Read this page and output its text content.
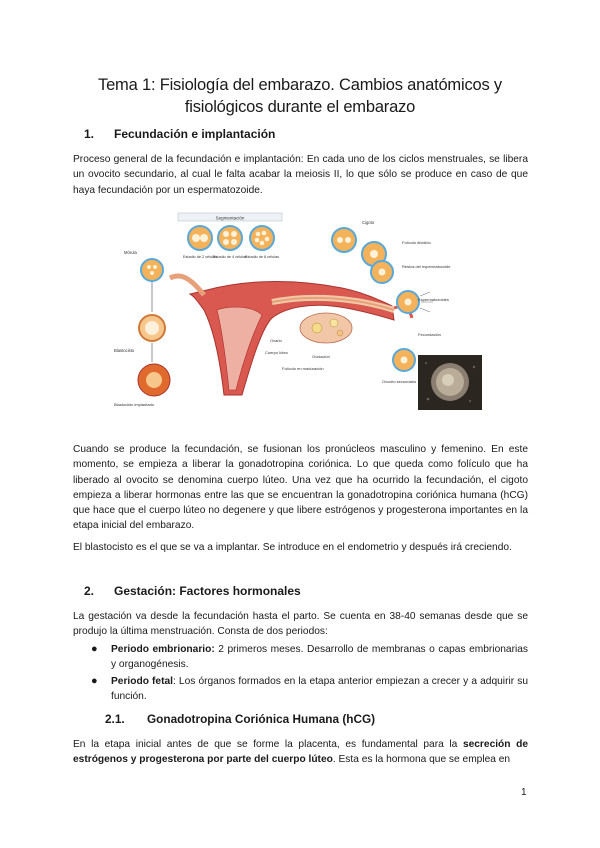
Tema 1: Fisiología del embarazo. Cambios anatómicos y fisiológicos durante el embarazo
1. Fecundación e implantación

Proceso general de la fecundación e implantación: En cada uno de los ciclos menstruales, se libera un ovocito secundario, al cual le falta acabar la meiosis II, lo que sólo se produce en caso de que haya fecundación por un espermatozoide.

Segmentación
Estadio de 2 células
Estadio de 4 células
Estadio de 8 células
Cigoto
Folículo dividido
Restos del espermatozoide
Espermatozoides
Fecundación
Ovocito secundario
Mórula
Blastocisto
Blastocisto implantado
Ovario
Cuerpo lúteo
Ovulación
Folículo en maduración

Cuando se produce la fecundación, se fusionan los pronúcleos masculino y femenino. En este momento, se empieza a liberar la gonadotropina coriónica. Lo que queda como folículo que ha liberado al ovocito se denomina cuerpo lúteo. Una vez que ha ocurrido la fecundación, el cigoto empieza a liberar hormonas entre las que se encuentran la gonadotropina coriónica humana (hCG) que hace que el cuerpo lúteo no degenere y que libere estrógenos y progesterona importantes en la etapa inicial del embarazo.

El blastocisto es el que se va a implantar. Se introduce en el endometrio y después irá creciendo.

2. Gestación: Factores hormonales

La gestación va desde la fecundación hasta el parto. Se cuenta en 38-40 semanas desde que se produjo la última menstruación. Consta de dos periodos:

● Periodo embrionario: 2 primeros meses. Desarrollo de membranas o capas embrionarias y organogénesis.
● Periodo fetal: Los órganos formados en la etapa anterior empiezan a crecer y a adquirir su función.
2.1. Gonadotropina Coriónica Humana (hCG)

En la etapa inicial antes de que se forme la placenta, es fundamental para la secreción de estrógenos y progesterona por parte del cuerpo lúteo. Esta es la hormona que se emplea en

1
